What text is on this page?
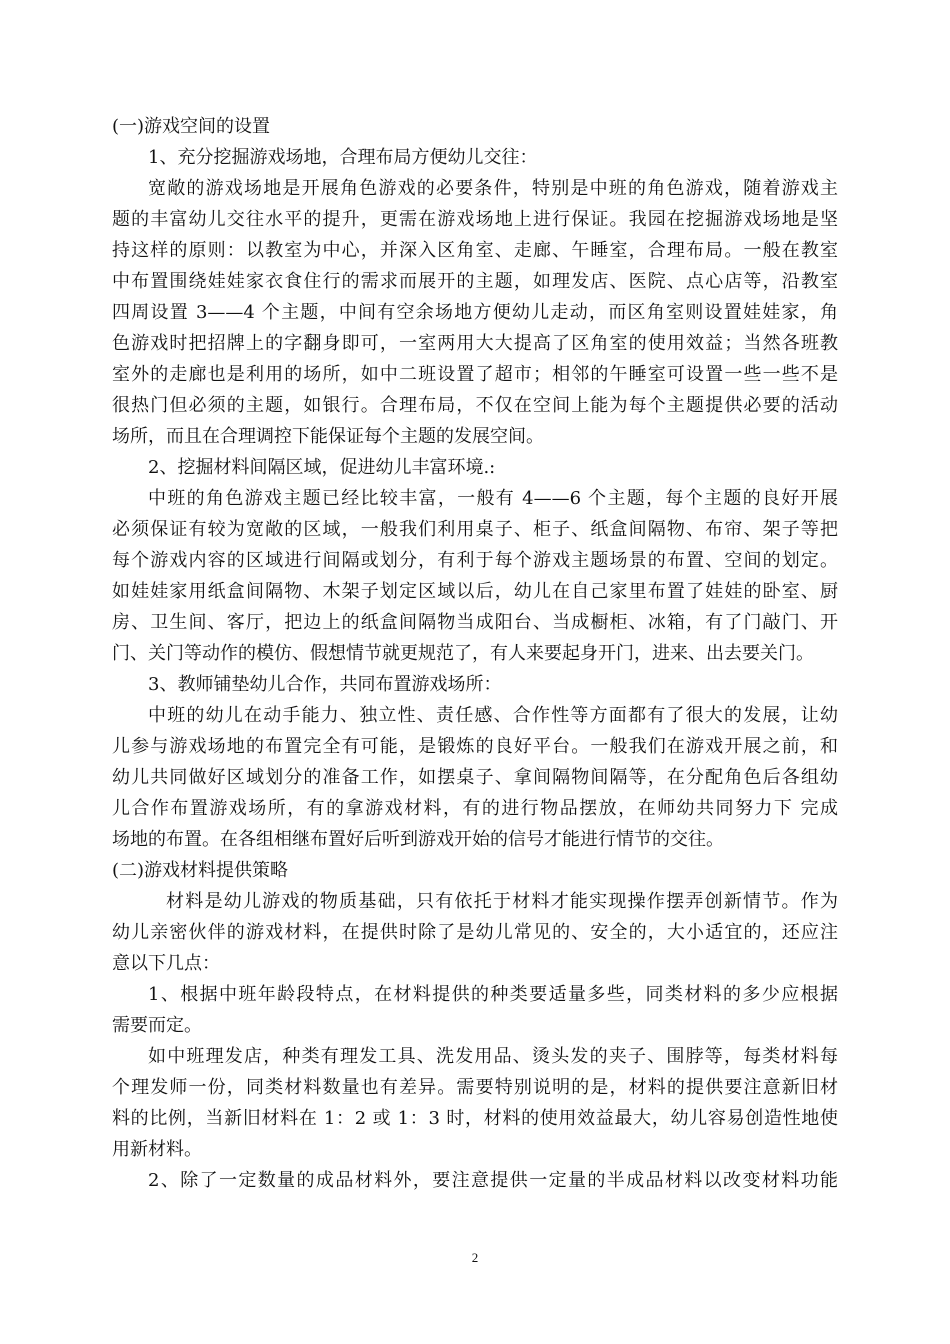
(一)游戏空间的设置
1、充分挖掘游戏场地，合理布局方便幼儿交往：
宽敞的游戏场地是开展角色游戏的必要条件，特别是中班的角色游戏，随着游戏主
题的丰富幼儿交往水平的提升，更需在游戏场地上进行保证。我园在挖掘游戏场地是坚
持这样的原则：以教室为中心，并深入区角室、走廊、午睡室，合理布局。一般在教室
中布置围绕娃娃家衣食住行的需求而展开的主题，如理发店、医院、点心店等，沿教室
四周设置 3——4 个主题，中间有空余场地方便幼儿走动，而区角室则设置娃娃家，角
色游戏时把招牌上的字翻身即可，一室两用大大提高了区角室的使用效益；当然各班教
室外的走廊也是利用的场所，如中二班设置了超市；相邻的午睡室可设置一些一些不是
很热门但必须的主题，如银行。合理布局，不仅在空间上能为每个主题提供必要的活动
场所，而且在合理调控下能保证每个主题的发展空间。
2、挖掘材料间隔区域，促进幼儿丰富环境.:
中班的角色游戏主题已经比较丰富，一般有 4——6 个主题，每个主题的良好开展
必须保证有较为宽敞的区域，一般我们利用桌子、柜子、纸盒间隔物、布帘、架子等把
每个游戏内容的区域进行间隔或划分，有利于每个游戏主题场景的布置、空间的划定。
如娃娃家用纸盒间隔物、木架子划定区域以后，幼儿在自己家里布置了娃娃的卧室、厨
房、卫生间、客厅，把边上的纸盒间隔物当成阳台、当成橱柜、冰箱，有了门敲门、开
门、关门等动作的模仿、假想情节就更规范了，有人来要起身开门，进来、出去要关门。
3、教师铺垫幼儿合作，共同布置游戏场所：
中班的幼儿在动手能力、独立性、责任感、合作性等方面都有了很大的发展，让幼
儿参与游戏场地的布置完全有可能，是锻炼的良好平台。一般我们在游戏开展之前，和
幼儿共同做好区域划分的准备工作，如摆桌子、拿间隔物间隔等，在分配角色后各组幼
儿合作布置游戏场所，有的拿游戏材料，有的进行物品摆放，在师幼共同努力下 完成
场地的布置。在各组相继布置好后听到游戏开始的信号才能进行情节的交往。
(二)游戏材料提供策略
材料是幼儿游戏的物质基础，只有依托于材料才能实现操作摆弄创新情节。作为
幼儿亲密伙伴的游戏材料，在提供时除了是幼儿常见的、安全的，大小适宜的，还应注
意以下几点：
1、根据中班年龄段特点，在材料提供的种类要适量多些，同类材料的多少应根据
需要而定。
如中班理发店，种类有理发工具、洗发用品、烫头发的夹子、围脖等，每类材料每
个理发师一份，同类材料数量也有差异。需要特别说明的是，材料的提供要注意新旧材
料的比例，当新旧材料在 1：2 或 1：3 时，材料的使用效益最大，幼儿容易创造性地使
用新材料。
2、除了一定数量的成品材料外，要注意提供一定量的半成品材料以改变材料功能
2
